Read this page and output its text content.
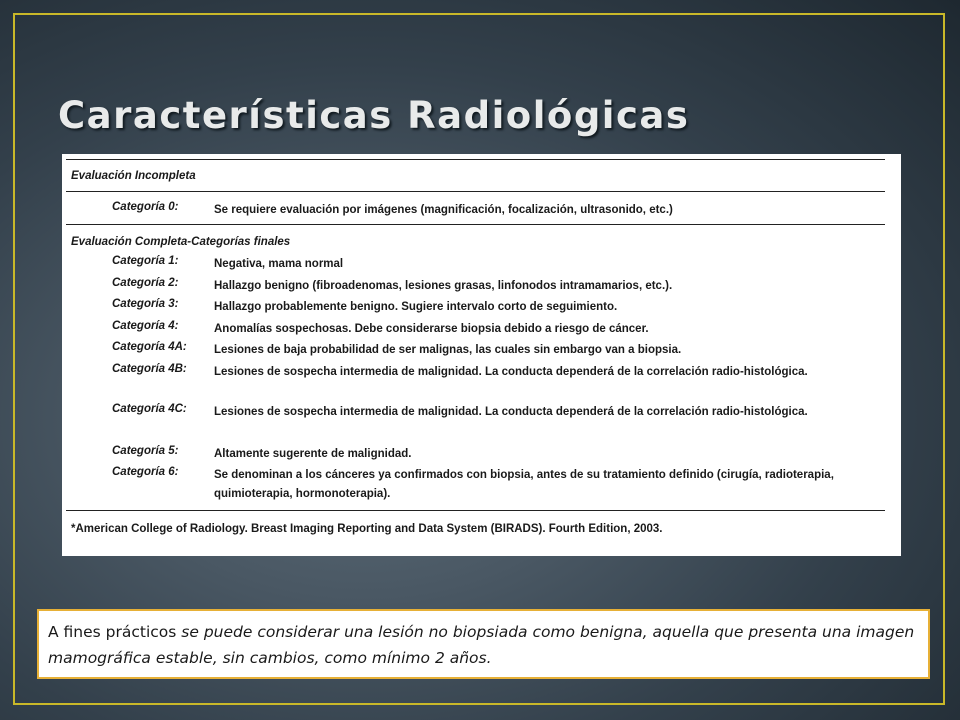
Características Radiológicas
Evaluación Incompleta
Categoría 0:	Se requiere evaluación por imágenes (magnificación, focalización, ultrasonido, etc.)
Evaluación Completa-Categorías finales
Categoría 1:	Negativa, mama normal
Categoría 2:	Hallazgo benigno (fibroadenomas, lesiones grasas, linfonodos intramamarios, etc.).
Categoría 3:	Hallazgo probablemente benigno. Sugiere intervalo corto de seguimiento.
Categoría 4:	Anomalías sospechosas. Debe considerarse biopsia debido a riesgo de cáncer.
Categoría 4A: Lesiones de baja probabilidad de ser malignas, las cuales sin embargo van a biopsia.
Categoría 4B: Lesiones de sospecha intermedia de malignidad. La conducta dependerá de la correlación radio-histológica.
Categoría 4C: Lesiones de sospecha intermedia de malignidad. La conducta dependerá de la correlación radio-histológica.
Categoría 5:	Altamente sugerente de malignidad.
Categoría 6:	Se denominan a los cánceres ya confirmados con biopsia, antes de su tratamiento definido (cirugía, radioterapia, quimioterapia, hormonoterapia).
*American College of Radiology. Breast Imaging Reporting and Data System (BIRADS). Fourth Edition, 2003.
A fines prácticos se puede considerar una lesión no biopsiada como benigna, aquella que presenta una imagen mamográfica estable, sin cambios, como mínimo 2 años.
